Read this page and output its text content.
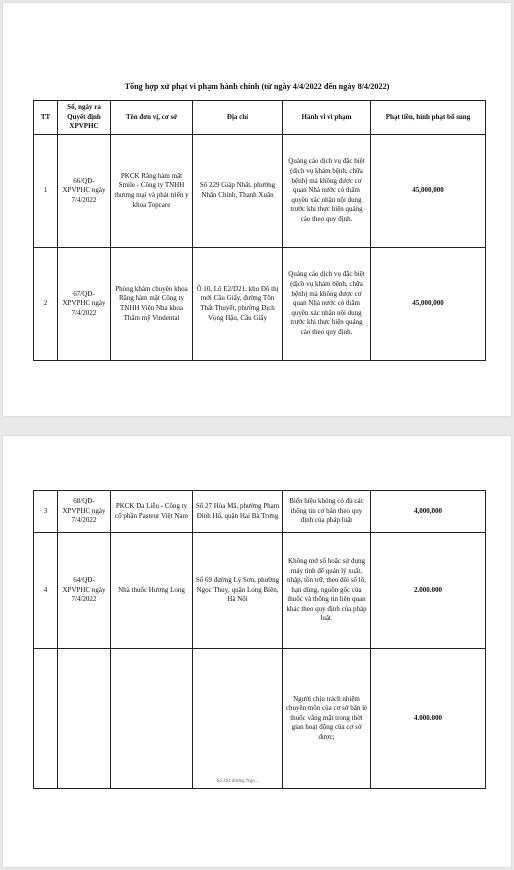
Tổng hợp xử phạt vi phạm hành chính (từ ngày 4/4/2022 đến ngày 8/4/2022)
TT	Số, ngày ra Quyết định XPVPHC	Tên đơn vị, cơ sở	Địa chỉ	Hành vi vi phạm	Phạt tiền, hình phạt bổ sung
1	66/QĐ-XPVPHC ngày 7/4/2022	PKCK Răng hàm mặt Smile - Công ty TNHH thương mại và phát triển y khoa Topcare	Số 229 Giáp Nhất, phường Nhân Chính, Thanh Xuân	Quảng cáo dịch vụ đặc biệt (dịch vụ khám bệnh, chữa bệnh) mà không được cơ quan Nhà nước có thẩm quyền xác nhận nội dung trước khi thực hiện quảng cáo theo quy định.	45,000,000
2	67/QĐ-XPVPHC ngày 7/4/2022	Phòng khám chuyên khoa Răng hàm mặt Công ty TNHH Viện Nha khoa Thẩm mỹ Vindental	Ô 10, Lô E2/D21, khu Đô thị mới Cầu Giấy, đường Tôn Thất Thuyết, phường Dịch Vọng Hậu, Cầu Giấy	Quảng cáo dịch vụ đặc biệt (dịch vụ khám bệnh, chữa bệnh) mà không được cơ quan Nhà nước có thẩm quyền xác nhận nội dung trước khi thực hiện quảng cáo theo quy định.	45,000,000
3	68/QĐ-XPVPHC ngày 7/4/2022	PKCK Da Liễu - Công ty cổ phần Pasteur Việt Nam	Số 27 Hòa Mã, phường Phạm Đình Hổ, quận Hai Bà Trưng	Biển hiệu không có đủ các thông tin cơ bản theo quy định của pháp luật	4,000,000
4	64/QĐ-XPVPHC ngày 7/4/2022	Nhà thuốc Hương Long	Số 69 đường Lý Sơn, phường Ngọc Thuỵ, quận Long Biên, Hà Nội	Không mở sổ hoặc sử dụng máy tính để quản lý xuất, nhập, tồn trữ, theo dõi số lô, hạn dùng, nguồn gốc của thuốc và thông tin liên quan khác theo quy định của pháp luật.	2.000.000
			Số 264 đường Ngọ...	Người chịu trách nhiệm chuyên môn của cơ sở bán lẻ thuốc vắng mặt trong thời gian hoạt động của cơ sở được;	4.000.000
